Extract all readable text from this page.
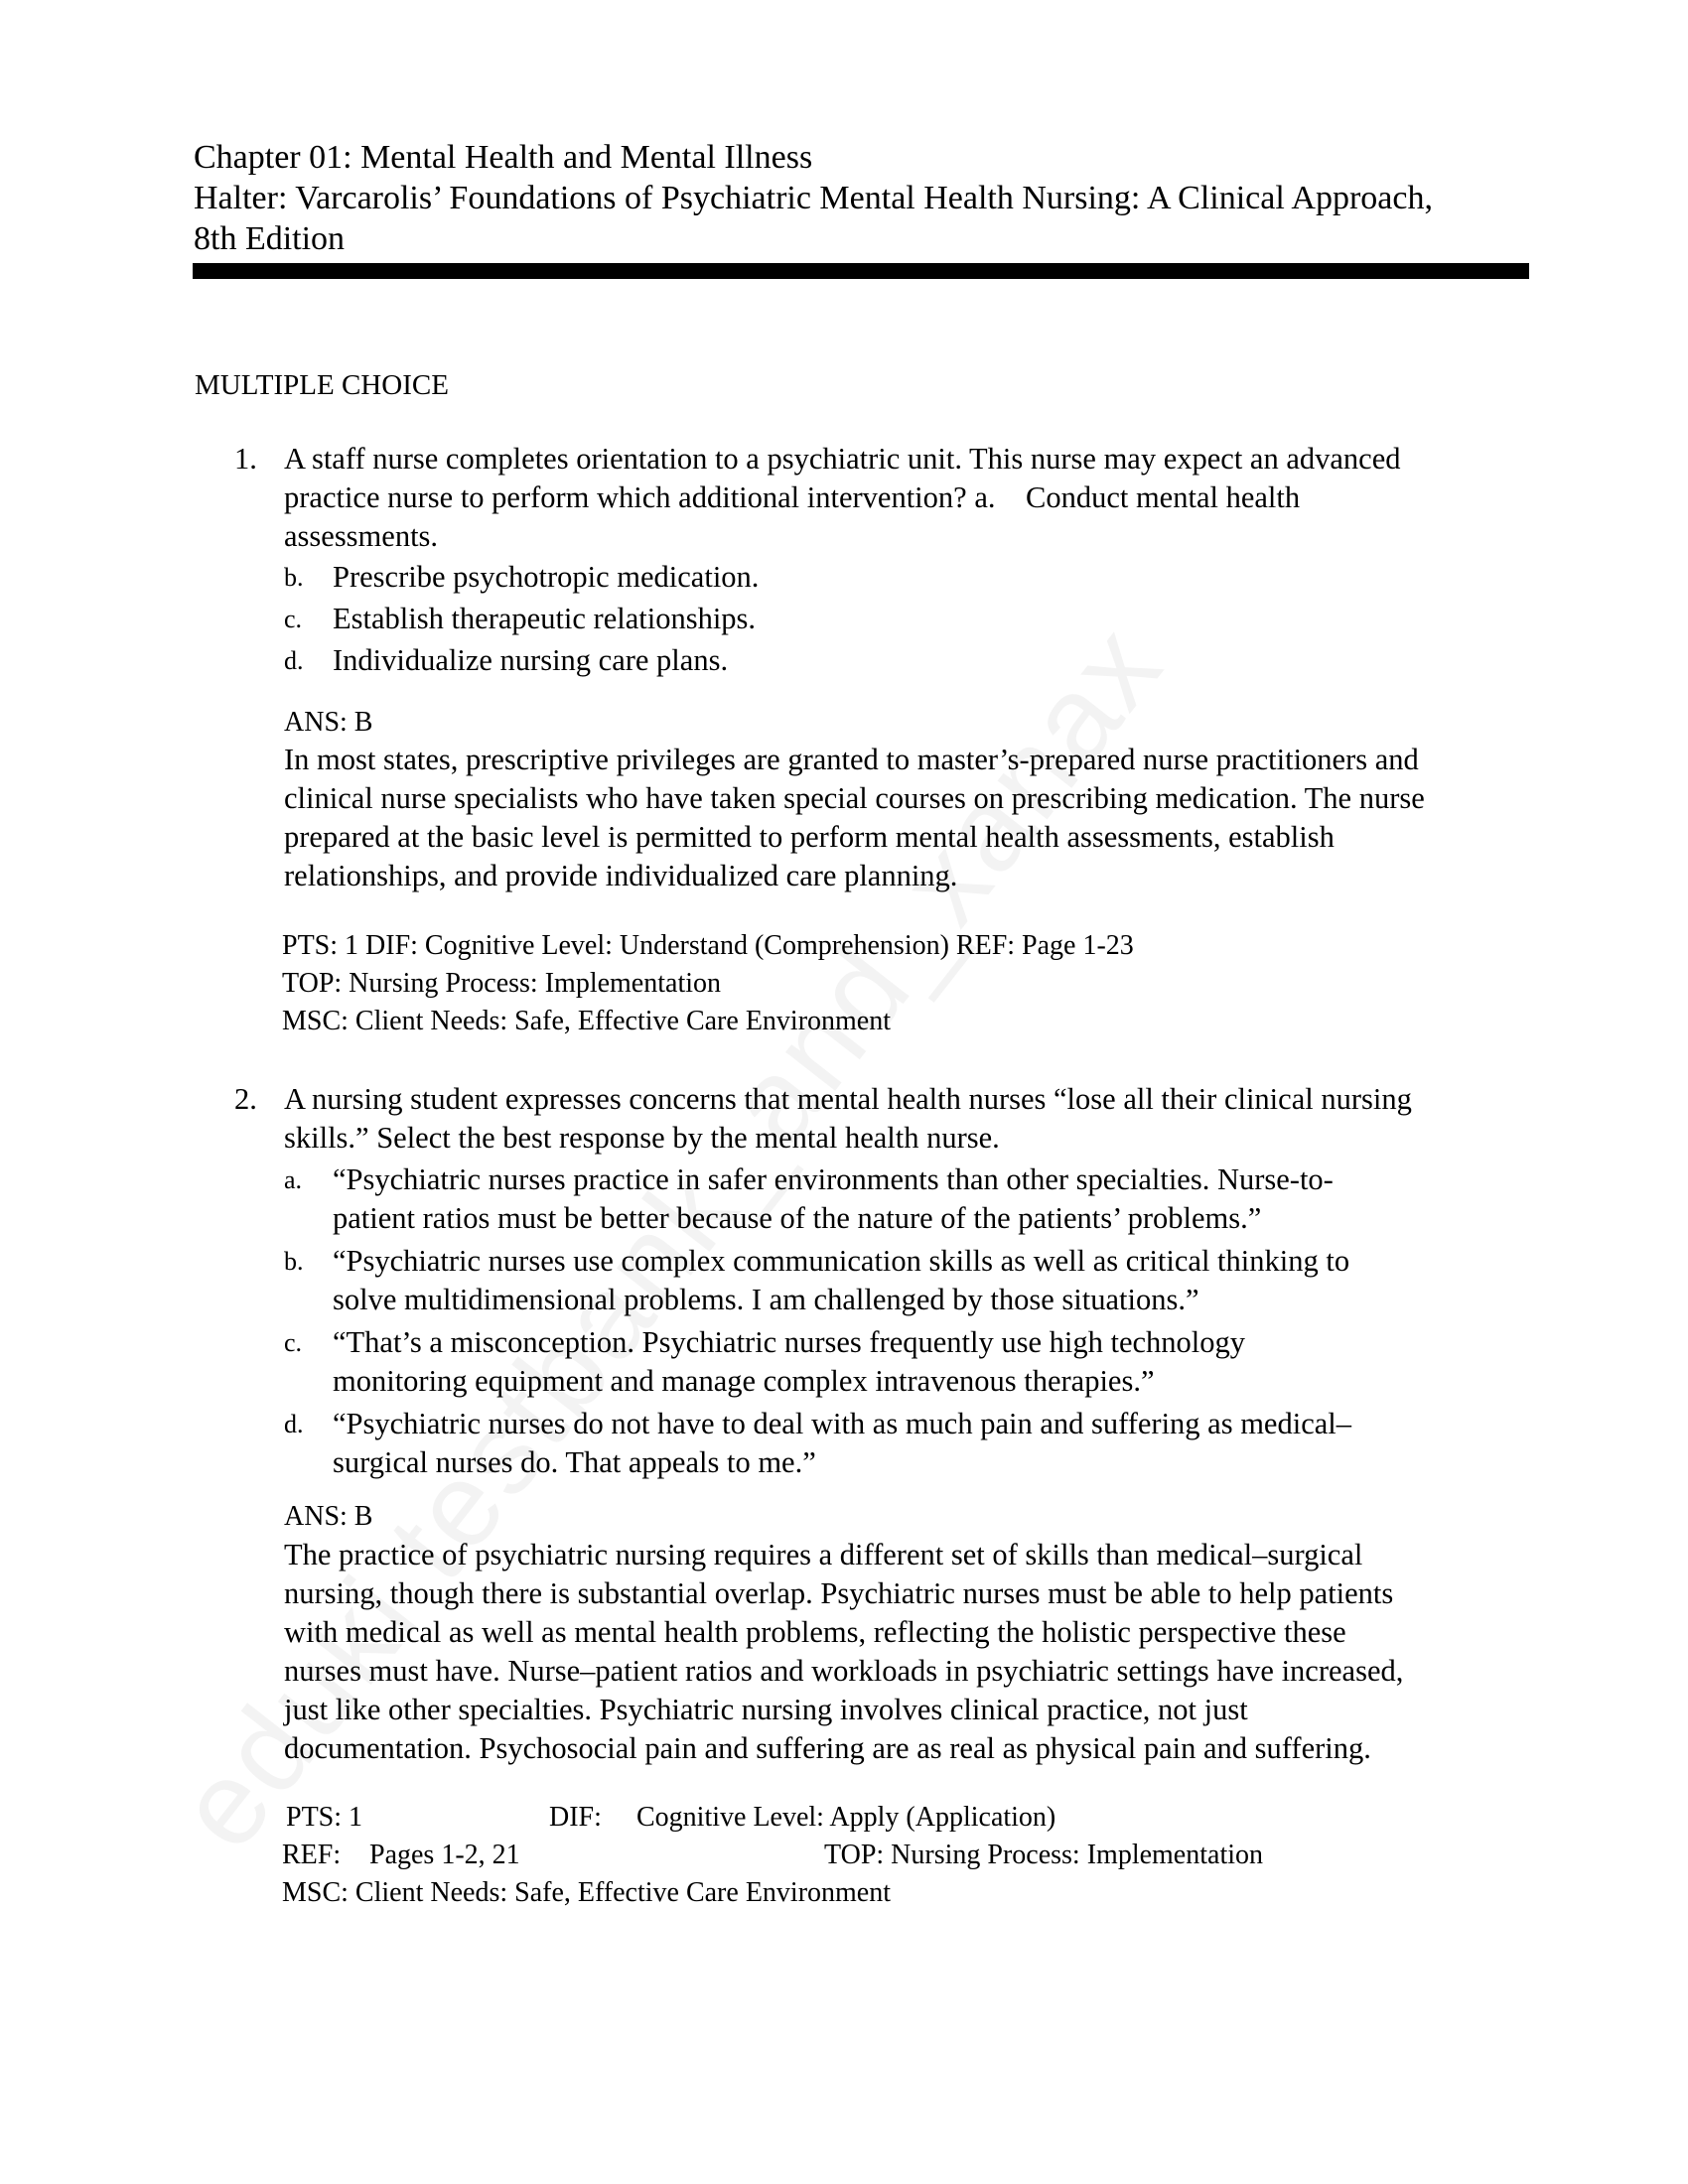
Chapter 01: Mental Health and Mental Illness
Halter: Varcarolis’ Foundations of Psychiatric Mental Health Nursing: A Clinical Approach,
8th Edition
MULTIPLE CHOICE
1. A staff nurse completes orientation to a psychiatric unit. This nurse may expect an advanced
practice nurse to perform which additional intervention? a.    Conduct mental health
assessments.
b. Prescribe psychotropic medication.
c. Establish therapeutic relationships.
d. Individualize nursing care plans.
ANS: B
In most states, prescriptive privileges are granted to master’s-prepared nurse practitioners and
clinical nurse specialists who have taken special courses on prescribing medication. The nurse
prepared at the basic level is permitted to perform mental health assessments, establish
relationships, and provide individualized care planning.
PTS: 1 DIF: Cognitive Level: Understand (Comprehension) REF: Page 1-23
TOP: Nursing Process: Implementation
MSC: Client Needs: Safe, Effective Care Environment
2. A nursing student expresses concerns that mental health nurses “lose all their clinical nursing
skills.” Select the best response by the mental health nurse.
a. “Psychiatric nurses practice in safer environments than other specialties. Nurse-to-
patient ratios must be better because of the nature of the patients’ problems.”
b. “Psychiatric nurses use complex communication skills as well as critical thinking to
solve multidimensional problems. I am challenged by those situations.”
c. “That’s a misconception. Psychiatric nurses frequently use high technology
monitoring equipment and manage complex intravenous therapies.”
d. “Psychiatric nurses do not have to deal with as much pain and suffering as medical–
surgical nurses do. That appeals to me.”
ANS: B
The practice of psychiatric nursing requires a different set of skills than medical–surgical
nursing, though there is substantial overlap. Psychiatric nurses must be able to help patients
with medical as well as mental health problems, reflecting the holistic perspective these
nurses must have. Nurse–patient ratios and workloads in psychiatric settings have increased,
just like other specialties. Psychiatric nursing involves clinical practice, not just
documentation. Psychosocial pain and suffering are as real as physical pain and suffering.
PTS: 1	DIF: Cognitive Level: Apply (Application)
REF: Pages 1-2, 21	TOP: Nursing Process: Implementation
MSC: Client Needs: Safe, Effective Care Environment
